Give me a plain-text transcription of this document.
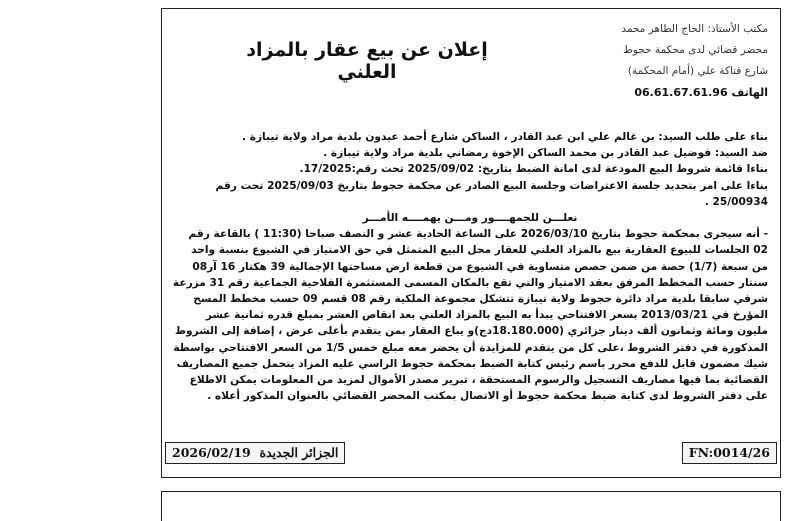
مكتب الأستاذ: الحاج الطاهر محمد
محضر قضائي لدى محكمة حجوط
شارع فتاكة علي (أمام المحكمة)
الهاتف 06.61.67.61.96
إعلان عن بيع عقار بالمزاد العلني

بناء على طلب السيد: بن غالم علي ابن عبد القادر ، الساكن شارع أحمد عيدون بلدية مراد ولاية تيبازة .

ضد السيد: فوضيل عبد القادر بن محمد الساكن الإخوة رمضاني بلدية مراد ولاية تيبازة .

بناءا قائمة شروط البيع المودعة لدى امانة الضبط بتاريخ: 2025/09/02 تحت رقم:17/2025.

بناءا على امر بتحديد جلسة الاعتراضات وجلسة البيع الصادر عن محكمة حجوط بتاريخ 2025/09/03 تحت رقم 25/00934 .

نعلـــن للجمهــــور ومـــن يهمــــه الأمـــر

- أنه سيجرى بمحكمة حجوط بتاريخ 2026/03/10 على الساعة الحادية عشر و النصف صباحا (11:30 ) بالقاعة رقم 02 الجلسات للبيوع العقارية بيع بالمزاد العلني للعقار محل البيع المتمثل في حق الامتياز في الشيوع بنسبة واحد من سبعة (1/7) حصة من ضمن حصص متساوية في الشيوع من قطعة ارض مساحتها الإجمالية 39 هكتار 16 آر08 سنتار حسب المخطط المرفق بعقد الامتياز والتي تقع بالمكان المسمى المستثمرة الفلاحية الجماعية رقم 31 مزرعة شرفي سابقا بلدية مراد دائرة حجوط ولاية تيبازة تتشكل مجموعة الملكية رقم 08 قسم 09 حسب مخطط المسح المؤرخ في 2013/03/21 بسعر الافتتاحي يبدأ به البيع بالمزاد العلني بعد انقاص العشر بمبلغ قدره ثمانية عشر مليون ومائة وثمانون ألف دينار جزائري (18.180.000دج)و يباع العقار بمن يتقدم بأعلى عرض ، إضافة إلى الشروط المذكورة في دفتر الشروط ،على كل من يتقدم للمزايدة أن يحضر معه مبلغ خمس 1/5 من السعر الافتتاحي بواسطة شيك مضمون قابل للدفع محرر باسم رئيس كتابة الضبط بمحكمة حجوط الراسي عليه المزاد يتحمل جميع المصاريف القضائية بما فيها مصاريف التسجيل والرسوم المستحقة ، تبرير مصدر الأموال لمزيد من المعلومات يمكن الاطلاع على دفتر الشروط لدى كتابة ضبط محكمة حجوط أو الاتصال بمكتب المحضر القضائي بالعنوان المذكور أعلاه .

الجزائر الجديدة  2026/02/19	FN:0014/26
